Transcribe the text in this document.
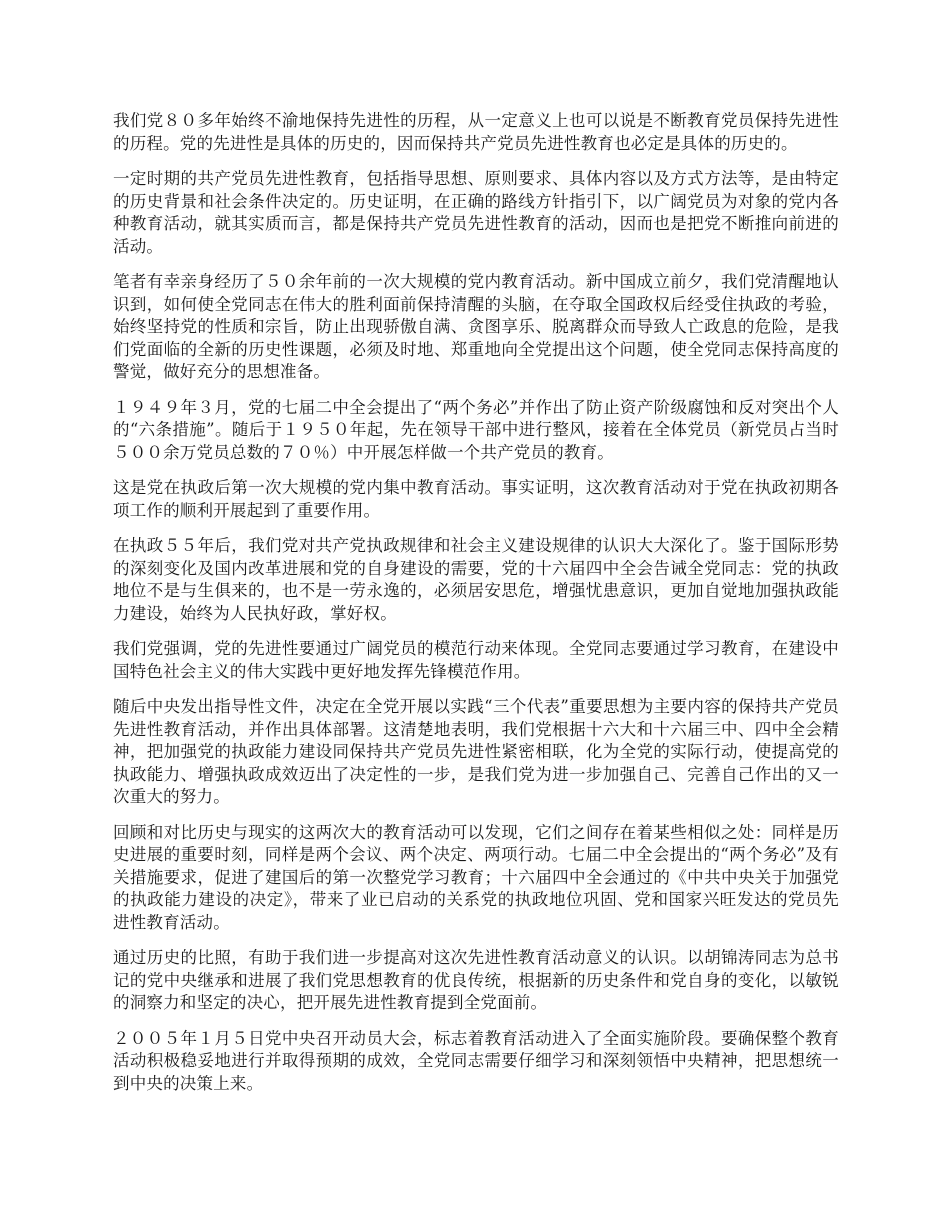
我们党８０多年始终不渝地保持先进性的历程，从一定意义上也可以说是不断教育党员保持先进性的历程。党的先进性是具体的历史的，因而保持共产党员先进性教育也必定是具体的历史的。

一定时期的共产党员先进性教育，包括指导思想、原则要求、具体内容以及方式方法等，是由特定的历史背景和社会条件决定的。历史证明，在正确的路线方针指引下，以广阔党员为对象的党内各种教育活动，就其实质而言，都是保持共产党员先进性教育的活动，因而也是把党不断推向前进的活动。

笔者有幸亲身经历了５０余年前的一次大规模的党内教育活动。新中国成立前夕，我们党清醒地认识到，如何使全党同志在伟大的胜利面前保持清醒的头脑，在夺取全国政权后经受住执政的考验，始终坚持党的性质和宗旨，防止出现骄傲自满、贪图享乐、脱离群众而导致人亡政息的危险，是我们党面临的全新的历史性课题，必须及时地、郑重地向全党提出这个问题，使全党同志保持高度的警觉，做好充分的思想准备。

１９４９年３月，党的七届二中全会提出了“两个务必”并作出了防止资产阶级腐蚀和反对突出个人的“六条措施”。随后于１９５０年起，先在领导干部中进行整风，接着在全体党员（新党员占当时５００余万党员总数的７０％）中开展怎样做一个共产党员的教育。

这是党在执政后第一次大规模的党内集中教育活动。事实证明，这次教育活动对于党在执政初期各项工作的顺利开展起到了重要作用。

在执政５５年后，我们党对共产党执政规律和社会主义建设规律的认识大大深化了。鉴于国际形势的深刻变化及国内改革进展和党的自身建设的需要，党的十六届四中全会告诫全党同志：党的执政地位不是与生俱来的，也不是一劳永逸的，必须居安思危，增强忧患意识，更加自觉地加强执政能力建设，始终为人民执好政，掌好权。

我们党强调，党的先进性要通过广阔党员的模范行动来体现。全党同志要通过学习教育，在建设中国特色社会主义的伟大实践中更好地发挥先锋模范作用。

随后中央发出指导性文件，决定在全党开展以实践“三个代表”重要思想为主要内容的保持共产党员先进性教育活动，并作出具体部署。这清楚地表明，我们党根据十六大和十六届三中、四中全会精神，把加强党的执政能力建设同保持共产党员先进性紧密相联，化为全党的实际行动，使提高党的执政能力、增强执政成效迈出了决定性的一步，是我们党为进一步加强自己、完善自己作出的又一次重大的努力。

回顾和对比历史与现实的这两次大的教育活动可以发现，它们之间存在着某些相似之处：同样是历史进展的重要时刻，同样是两个会议、两个决定、两项行动。七届二中全会提出的“两个务必”及有关措施要求，促进了建国后的第一次整党学习教育；十六届四中全会通过的《中共中央关于加强党的执政能力建设的决定》，带来了业已启动的关系党的执政地位巩固、党和国家兴旺发达的党员先进性教育活动。

通过历史的比照，有助于我们进一步提高对这次先进性教育活动意义的认识。以胡锦涛同志为总书记的党中央继承和进展了我们党思想教育的优良传统，根据新的历史条件和党自身的变化，以敏锐的洞察力和坚定的决心，把开展先进性教育提到全党面前。

２００５年１月５日党中央召开动员大会，标志着教育活动进入了全面实施阶段。要确保整个教育活动积极稳妥地进行并取得预期的成效，全党同志需要仔细学习和深刻领悟中央精神，把思想统一到中央的决策上来。
